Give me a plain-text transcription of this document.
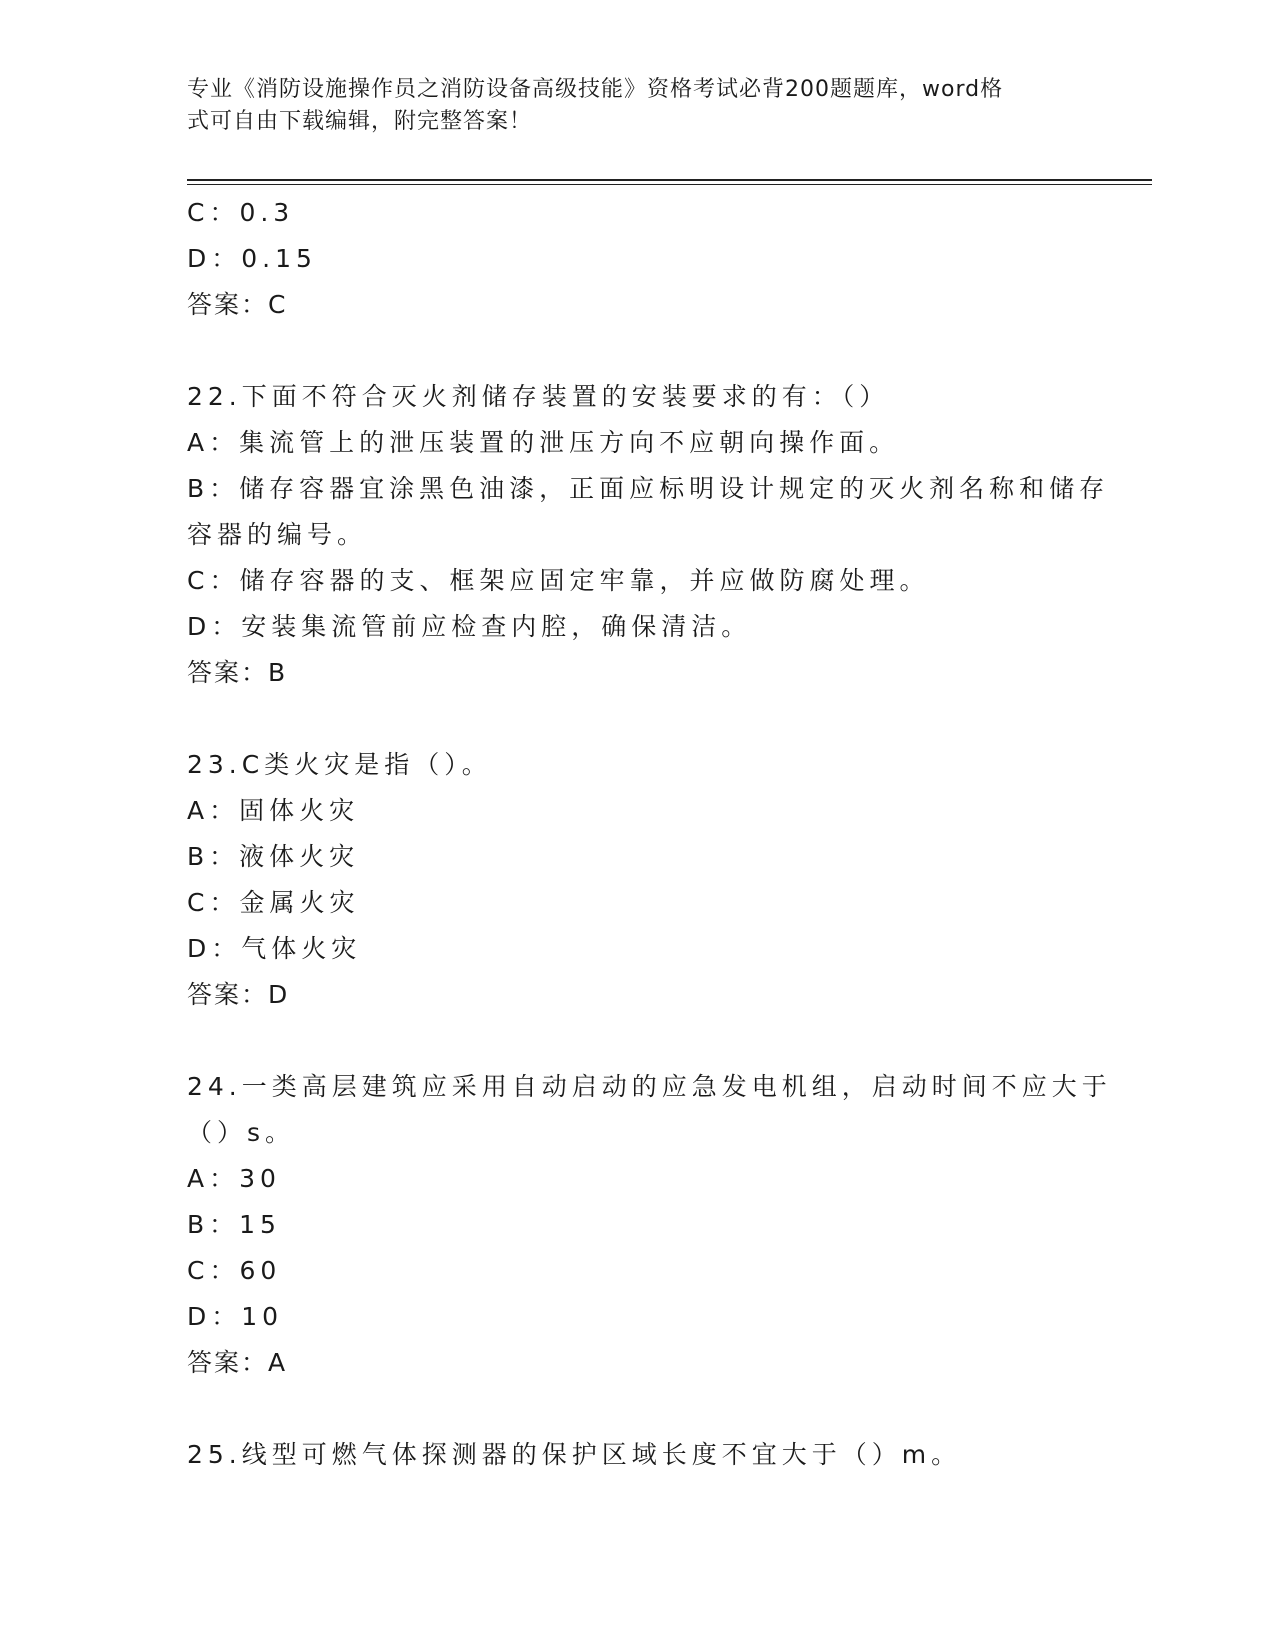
专业《消防设施操作员之消防设备高级技能》资格考试必背200题题库，word格
式可自由下载编辑，附完整答案！
C：0.3
D：0.15
答案：C
22.下面不符合灭火剂储存装置的安装要求的有：（）
A：集流管上的泄压装置的泄压方向不应朝向操作面。
B：储存容器宜涂黑色油漆，正面应标明设计规定的灭火剂名称和储存
容器的编号。
C：储存容器的支、框架应固定牢靠，并应做防腐处理。
D：安装集流管前应检查内腔，确保清洁。
答案：B
23.C类火灾是指（）。
A：固体火灾
B：液体火灾
C：金属火灾
D：气体火灾
答案：D
24.一类高层建筑应采用自动启动的应急发电机组，启动时间不应大于
（）s。
A：30
B：15
C：60
D：10
答案：A
25.线型可燃气体探测器的保护区域长度不宜大于（）m。
